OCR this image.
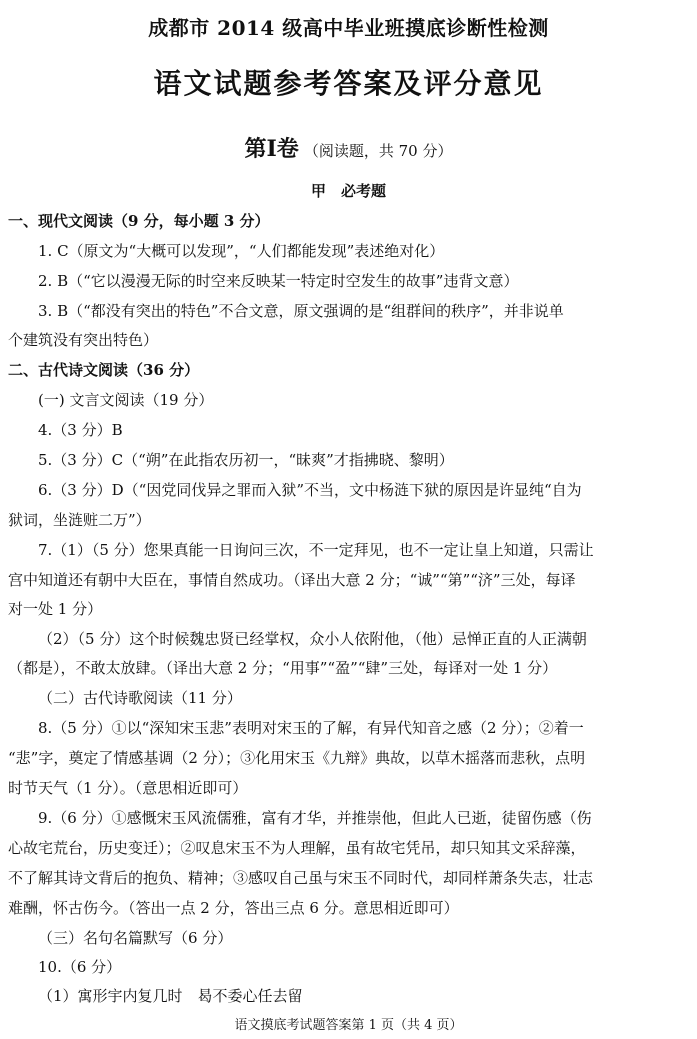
成都市 2014 级高中毕业班摸底诊断性检测
语文试题参考答案及评分意见
第Ⅰ卷 （阅读题，共 70 分）
甲　必考题
一、现代文阅读（9 分，每小题 3 分）
1. C（原文为“大概可以发现”，“人们都能发现”表述绝对化）
2. B（“它以漫漫无际的时空来反映某一特定时空发生的故事”违背文意）
3. B（“都没有突出的特色”不合文意，原文强调的是“组群间的秩序”，并非说单
个建筑没有突出特色）
二、古代诗文阅读（36 分）
(一) 文言文阅读（19 分）
4.（3 分）B
5.（3 分）C（“朔”在此指农历初一，“昧爽”才指拂晓、黎明）
6.（3 分）D（“因党同伐异之罪而入狱”不当，文中杨涟下狱的原因是许显纯“自为
狱词，坐涟赃二万”）
7.（1）（5 分）您果真能一日询问三次，不一定拜见，也不一定让皇上知道，只需让
宫中知道还有朝中大臣在，事情自然成功。（译出大意 2 分；“诚”“第”“济”三处，每译
对一处 1 分）
（2）（5 分）这个时候魏忠贤已经掌权，众小人依附他，（他）忌惮正直的人正满朝
（都是），不敢太放肆。（译出大意 2 分；“用事”“盈”“肆”三处，每译对一处 1 分）
（二）古代诗歌阅读（11 分）
8.（5 分）①以“深知宋玉悲”表明对宋玉的了解，有异代知音之感（2 分）；②着一
“悲”字，奠定了情感基调（2 分）；③化用宋玉《九辩》典故，以草木摇落而悲秋，点明
时节天气（1 分）。（意思相近即可）
9.（6 分）①感慨宋玉风流儒雅，富有才华，并推崇他，但此人已逝，徒留伤感（伤
心故宅荒台，历史变迁）；②叹息宋玉不为人理解，虽有故宅凭吊，却只知其文采辞藻，
不了解其诗文背后的抱负、精神；③感叹自己虽与宋玉不同时代，却同样萧条失志，壮志
难酬，怀古伤今。（答出一点 2 分，答出三点 6 分。意思相近即可）
（三）名句名篇默写（6 分）
10.（6 分）
（1）寓形宇内复几时　曷不委心任去留
语文摸底考试题答案第 1 页（共 4 页）
